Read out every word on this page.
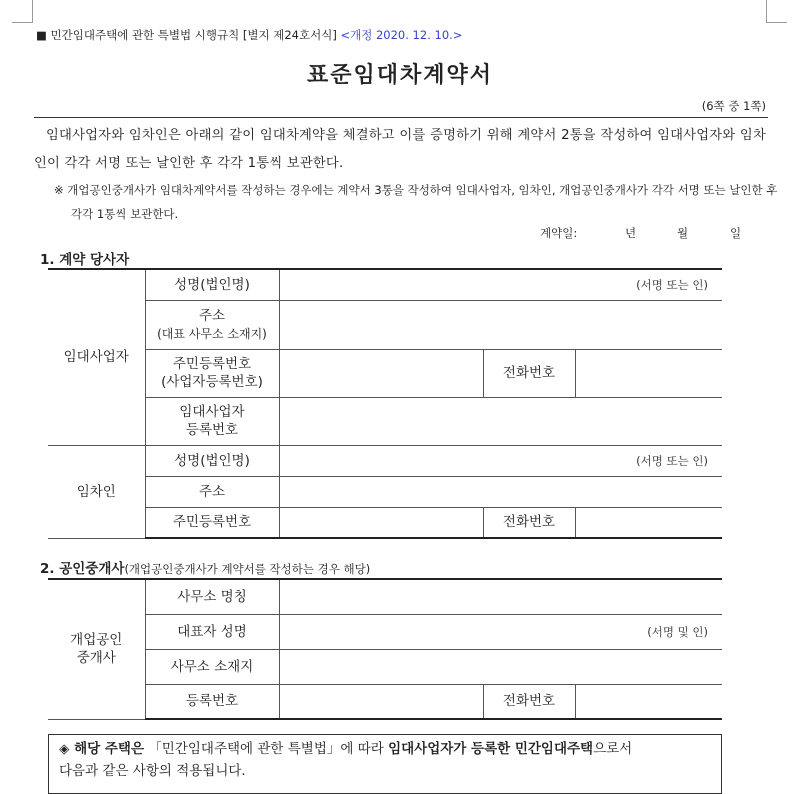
■ 민간임대주택에 관한 특별법 시행규칙 [별지 제24호서식] <개정 2020. 12. 10.>
표준임대차계약서
(6쪽 중 1쪽)
임대사업자와 임차인은 아래의 같이 임대차계약을 체결하고 이를 증명하기 위해 계약서 2통을 작성하여 임대사업자와 임차인이 각각 서명 또는 날인한 후 각각 1통씩 보관한다.
※ 개업공인중개사가 임대차계약서를 작성하는 경우에는 계약서 3통을 작성하여 임대사업자, 임차인, 개업공인중개사가 각각 서명 또는 날인한 후 각각 1통씩 보관한다.
계약일:	년	월	일
1. 계약 당사자
임대사업자	성명(법인명)	(서명 또는 인)		

	주소
(대표 사무소 소재지)			

	주민등록번호
(사업자등록번호)		전화번호	

	임대사업자
등록번호			

임차인	성명(법인명)	(서명 또는 인)		
	주소			
	주민등록번호		전화번호	
2. 공인중개사(개업공인중개사가 계약서를 작성하는 경우 해당)
개업공인
중개사	사무소 명칭			
	대표자 성명	(서명 및 인)		
	사무소 소재지			
	등록번호		전화번호	
◈ 해당 주택은 「민간임대주택에 관한 특별법」에 따라 임대사업자가 등록한 민간임대주택으로서
다음과 같은 사항의 적용됩니다.
